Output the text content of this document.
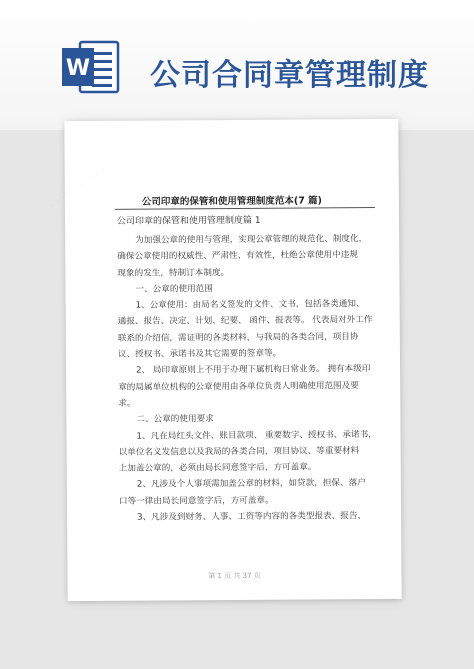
W 公司合同章管理制度
· · · · · · · · · ·	公司印章的保管和使用管理制度范本(7 篇)
公司印章的保管和使用管理制度篇 1
为加强公章的使用与管理，实现公章管理的规范化、制度化，
确保公章使用的权威性、严肃性、有效性，杜绝公章使用中违规
现象的发生，特制订本制度。
一、公章的使用范围
1、公章使用：由局名义签发的文件、文书，包括各类通知、
通报、报告、决定、计划、纪要、 函件、报表等。 代表局对外工作
联系的介绍信，需证明的各类材料，与我局的各类合同，项目协
议、授权书、承诺书及其它需要的签章等。
2、 局印章原则上不用于办理下属机构日常业务。 拥有本级印
章的局属单位机构的公章使用由各单位负责人明确使用范围及要
求。
二、公章的使用要求
1、凡在局红头文件、账目款项、 重要数字、授权书、承诺书，
以单位名义发信息以及我局的各类合同，项目协议、等重要材料
上加盖公章的，必须由局长同意签字后，方可盖章。
2、凡涉及个人事项需加盖公章的材料，如贷款，担保、落户
口等一律由局长同意签字后，方可盖章。
3、凡涉及到财务、人事、工资等内容的各类型报表、报告、
第 1 页 共 37 页
